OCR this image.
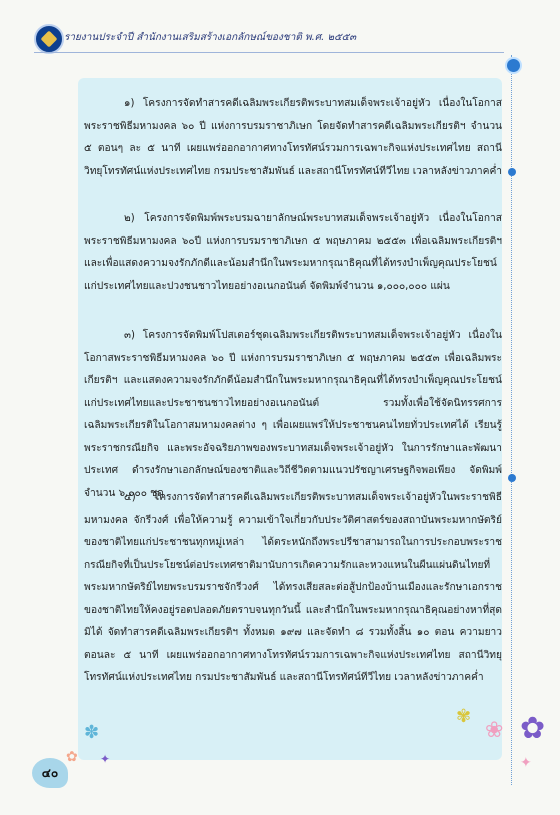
รายงานประจำปี สำนักงานเสริมสร้างเอกลักษณ์ของชาติ พ.ศ. ๒๕๕๓
๑) โครงการจัดทำสารคดีเฉลิมพระเกียรติพระบาทสมเด็จพระเจ้าอยู่หัว เนื่องในโอกาสพระราชพิธีมหามงคล ๖๐ ปี แห่งการบรมราชาภิเษก โดยจัดทำสารคดีเฉลิมพระเกียรติฯ จำนวน ๕ ตอนๆ ละ ๕ นาที เผยแพร่ออกอากาศทางโทรทัศน์รวมการเฉพาะกิจแห่งประเทศไทย สถานีวิทยุโทรทัศน์แห่งประเทศไทย กรมประชาสัมพันธ์ และสถานีโทรทัศน์ทีวีไทย เวลาหลังข่าวภาคค่ำ
๒) โครงการจัดพิมพ์พระบรมฉายาลักษณ์พระบาทสมเด็จพระเจ้าอยู่หัว เนื่องในโอกาสพระราชพิธีมหามงคล ๖๐ปี แห่งการบรมราชาภิเษก ๕ พฤษภาคม ๒๕๕๓ เพื่อเฉลิมพระเกียรติฯ และเพื่อแสดงความจงรักภักดีและน้อมสำนึกในพระมหากรุณาธิคุณที่ได้ทรงบำเพ็ญคุณประโยชน์แก่ประเทศไทยและปวงชนชาวไทยอย่างอเนกอนันต์ จัดพิมพ์จำนวน ๑,๐๐๐,๐๐๐ แผ่น
๓) โครงการจัดพิมพ์โปสเตอร์ชุดเฉลิมพระเกียรติพระบาทสมเด็จพระเจ้าอยู่หัว เนื่องในโอกาสพระราชพิธีมหามงคล ๖๐ ปี แห่งการบรมราชาภิเษก ๕ พฤษภาคม ๒๕๕๓ เพื่อเฉลิมพระเกียรติฯ และแสดงความจงรักภักดีน้อมสำนึกในพระมหากรุณาธิคุณที่ได้ทรงบำเพ็ญคุณประโยชน์แก่ประเทศไทยและประชาชนชาวไทยอย่างอเนกอนันต์ รวมทั้งเพื่อใช้จัดนิทรรศการเฉลิมพระเกียรติในโอกาสมหามงคลต่าง ๆ เพื่อเผยแพร่ให้ประชาชนคนไทยทั่วประเทศได้ เรียนรู้พระราชกรณียกิจ และพระอัจฉริยภาพของพระบาทสมเด็จพระเจ้าอยู่หัว ในการรักษาและพัฒนาประเทศ ดำรงรักษาเอกลักษณ์ของชาติและวิถีชีวิตตามแนวปรัชญาเศรษฐกิจพอเพียง จัดพิมพ์จำนวน ๖,๐๐๐ ชุด
๔) โครงการจัดทำสารคดีเฉลิมพระเกียรติพระบาทสมเด็จพระเจ้าอยู่หัวในพระราชพิธีมหามงคล จักรีวงศ์ เพื่อให้ความรู้ ความเข้าใจเกี่ยวกับประวัติศาสตร์ของสถาบันพระมหากษัตริย์ของชาติไทยแก่ประชาชนทุกหมู่เหล่า ได้ตระหนักถึงพระปรีชาสามารถในการประกอบพระราชกรณียกิจที่เป็นประโยชน์ต่อประเทศชาติมานับการเกิดความรักและหวงแหนในผืนแผ่นดินไทยที่พระมหากษัตริย์ไทยพระบรมราชจักรีวงศ์ ได้ทรงเสียสละต่อสู้ปกป้องบ้านเมืองและรักษาเอกราชของชาติไทยให้คงอยู่รอดปลอดภัยตราบจนทุกวันนี้ และสำนึกในพระมหากรุณาธิคุณอย่างหาที่สุดมิได้ จัดทำสารคดีเฉลิมพระเกียรติฯ ทั้งหมด ๑๙๗ และจัดทำ ๘ รวมทั้งสิ้น ๑๐ ตอน ความยาวตอนละ ๕ นาที เผยแพร่ออกอากาศทางโทรทัศน์รวมการเฉพาะกิจแห่งประเทศไทย สถานีวิทยุโทรทัศน์แห่งประเทศไทย กรมประชาสัมพันธ์ และสถานีโทรทัศน์ทีวีไทย เวลาหลังข่าวภาคค่ำ
✿
❀
✾
✽
✿ ✦	✦
๔๐
